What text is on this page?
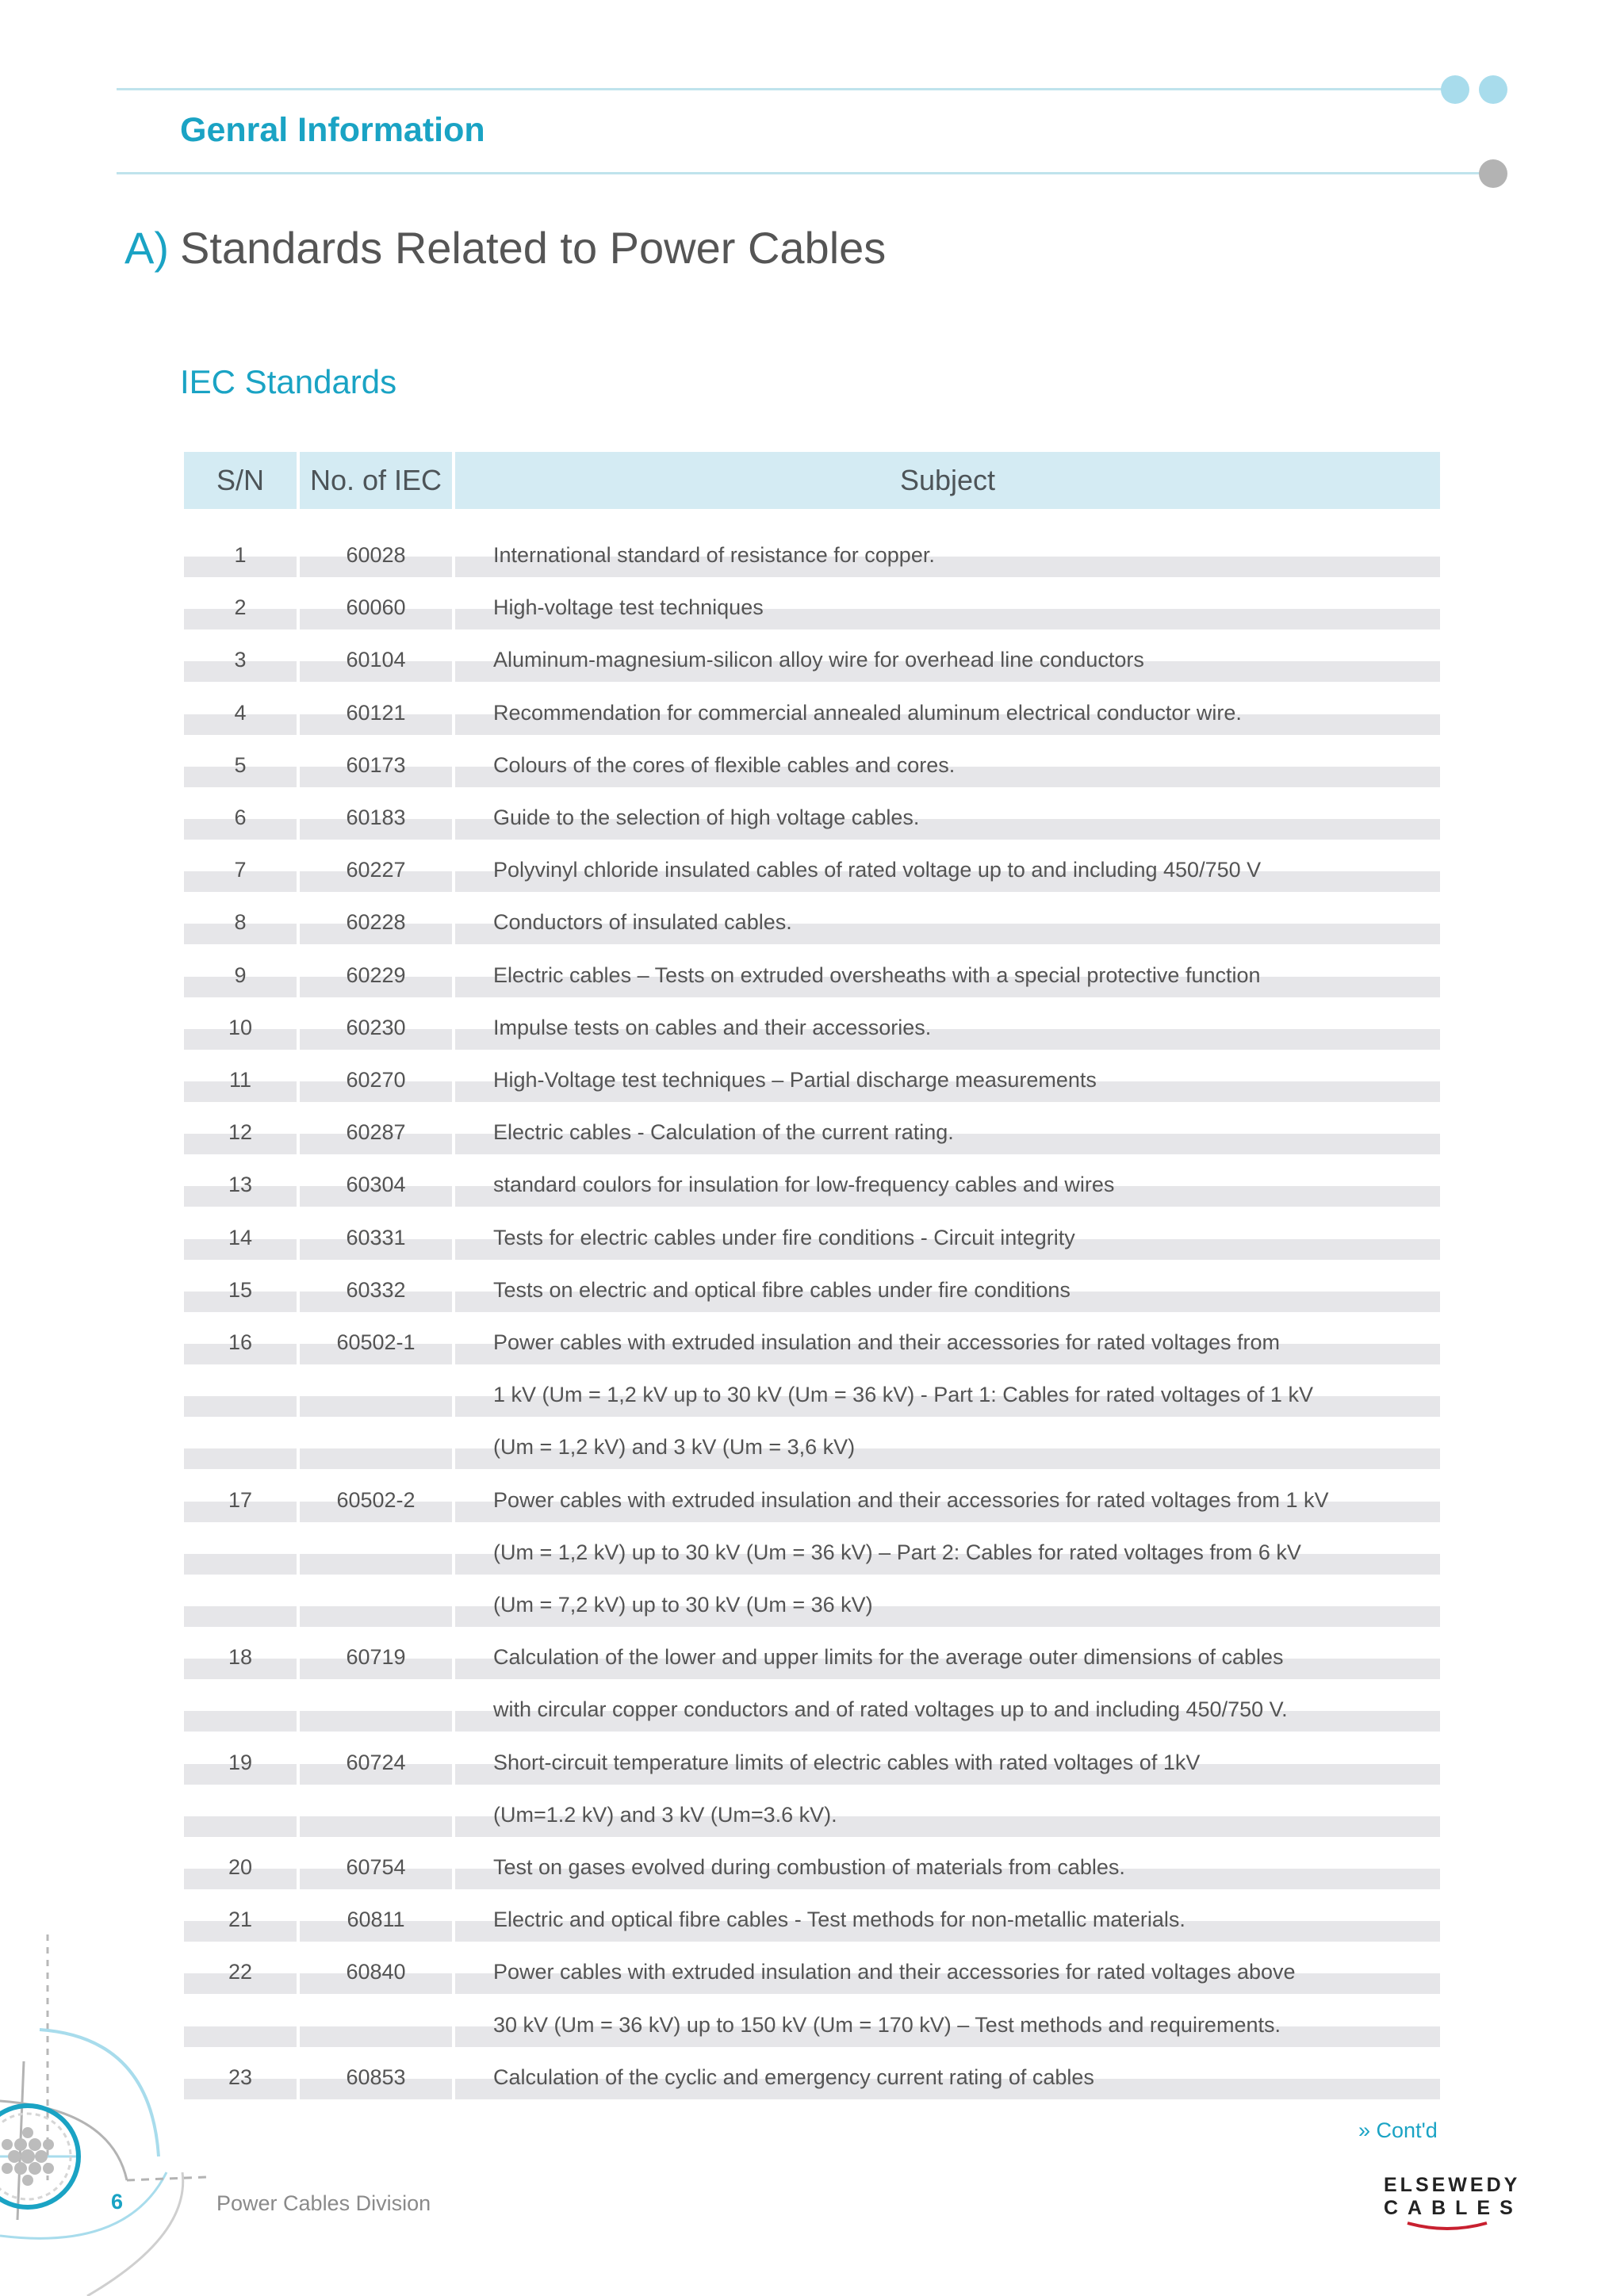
Genral Information
A) Standards Related to Power Cables
IEC Standards
S/N	No. of IEC	Subject
1	60028	International standard of resistance for copper.
2	60060	High-voltage test techniques
3	60104	Aluminum-magnesium-silicon alloy wire for overhead line conductors
4	60121	Recommendation for commercial annealed aluminum electrical conductor wire.
5	60173	Colours of the cores of flexible cables and cores.
6	60183	Guide to the selection of high voltage cables.
7	60227	Polyvinyl chloride insulated cables of rated voltage up to and including 450/750 V
8	60228	Conductors of insulated cables.
9	60229	Electric cables – Tests on extruded oversheaths with a special protective function
10	60230	Impulse tests on cables and their accessories.
11	60270	High-Voltage test techniques – Partial discharge measurements
12	60287	Electric cables - Calculation of the current rating.
13	60304	standard coulors for insulation for low-frequency cables and wires
14	60331	Tests for electric cables under fire conditions - Circuit integrity
15	60332	Tests on electric and optical fibre cables under fire conditions
16	60502-1	Power cables with extruded insulation and their accessories for rated voltages from
1 kV (Um = 1,2 kV up to 30 kV (Um = 36 kV) - Part 1: Cables for rated voltages of 1 kV
(Um = 1,2 kV) and 3 kV (Um = 3,6 kV)
17	60502-2	Power cables with extruded insulation and their accessories for rated voltages from 1 kV
(Um = 1,2 kV) up to 30 kV (Um = 36 kV) – Part 2: Cables for rated voltages from 6 kV
(Um = 7,2 kV) up to 30 kV (Um = 36 kV)
18	60719	Calculation of the lower and upper limits for the average outer dimensions of cables
with circular copper conductors and of rated voltages up to and including 450/750 V.
19	60724	Short-circuit temperature limits of electric cables with rated voltages of 1kV
(Um=1.2 kV) and 3 kV (Um=3.6 kV).
20	60754	Test on gases evolved during combustion of materials from cables.
21	60811	Electric and optical fibre cables - Test methods for non-metallic materials.
22	60840	Power cables with extruded insulation and their accessories for rated voltages above
30 kV (Um = 36 kV) up to 150 kV (Um = 170 kV) – Test methods and requirements.
23	60853	Calculation of the cyclic and emergency current rating of cables
» Cont'd
6	Power Cables Division
ELSEWEDY
CABLES
